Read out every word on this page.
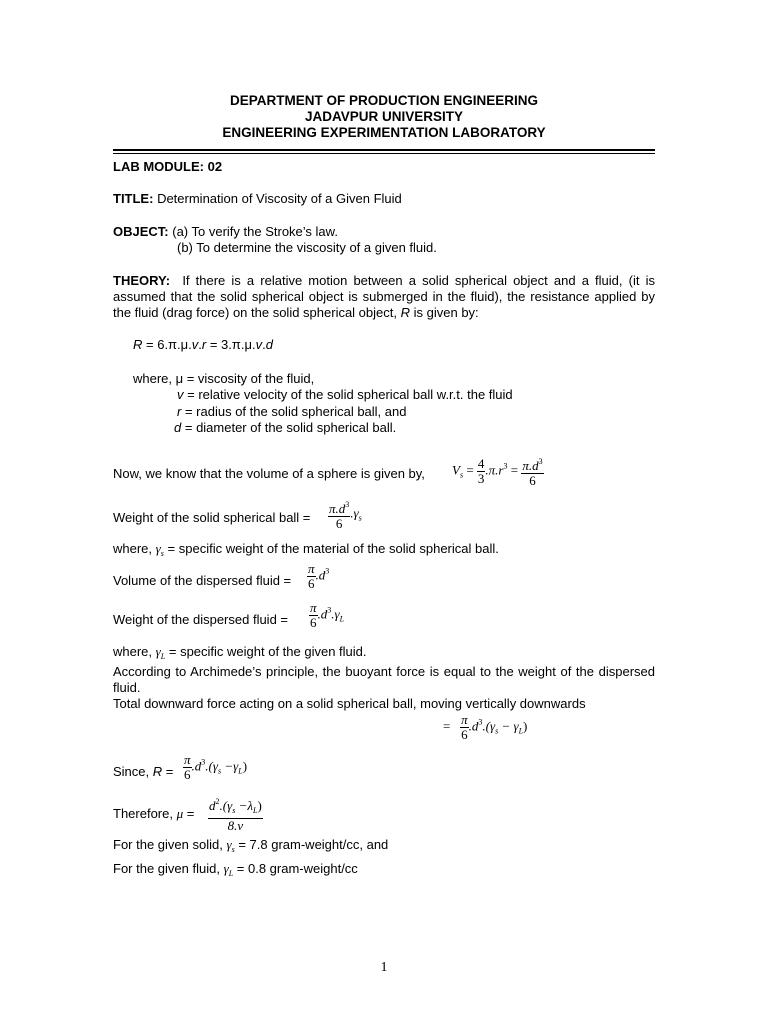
DEPARTMENT OF PRODUCTION ENGINEERING
JADAVPUR UNIVERSITY
ENGINEERING EXPERIMENTATION LABORATORY
LAB MODULE: 02
TITLE: Determination of Viscosity of a Given Fluid
OBJECT: (a) To verify the Stroke’s law.
(b) To determine the viscosity of a given fluid.
THEORY: If there is a relative motion between a solid spherical object and a fluid, (it is assumed that the solid spherical object is submerged in the fluid), the resistance applied by the fluid (drag force) on the solid spherical object, R is given by:
R = 6.π.μ.v.r = 3.π.μ.v.d
where, μ = viscosity of the fluid,
v = relative velocity of the solid spherical ball w.r.t. the fluid
r = radius of the solid spherical ball, and
d = diameter of the solid spherical ball.
Now, we know that the volume of a sphere is given by, $V_s = \frac{4}{3} .\pi.r^3 = \frac{\pi.d^3}{6}$
Weight of the solid spherical ball = $\frac{\pi.d^3}{6} .\gamma_s$
where, $\gamma_s$ = specific weight of the material of the solid spherical ball.
Volume of the dispersed fluid = $\frac{\pi}{6} .d^3$
Weight of the dispersed fluid = $\frac{\pi}{6} .d^3.\gamma_L$
where, $\gamma_L$ = specific weight of the given fluid.
According to Archimede’s principle, the buoyant force is equal to the weight of the dispersed fluid.
Total downward force acting on a solid spherical ball, moving vertically downwards
= $\frac{\pi}{6} .d^3.(\gamma_s - \gamma_L)$
Since, $R = \frac{\pi}{6} .d^3.(\gamma_s -\gamma_L)$
Therefore, $\mu = \frac{d^2.(\gamma_s -\lambda_L)}{8.v}$
For the given solid, $\gamma_s = 7.8$ gram-weight/cc, and
For the given fluid, $\gamma_L = 0.8$ gram-weight/cc
1
